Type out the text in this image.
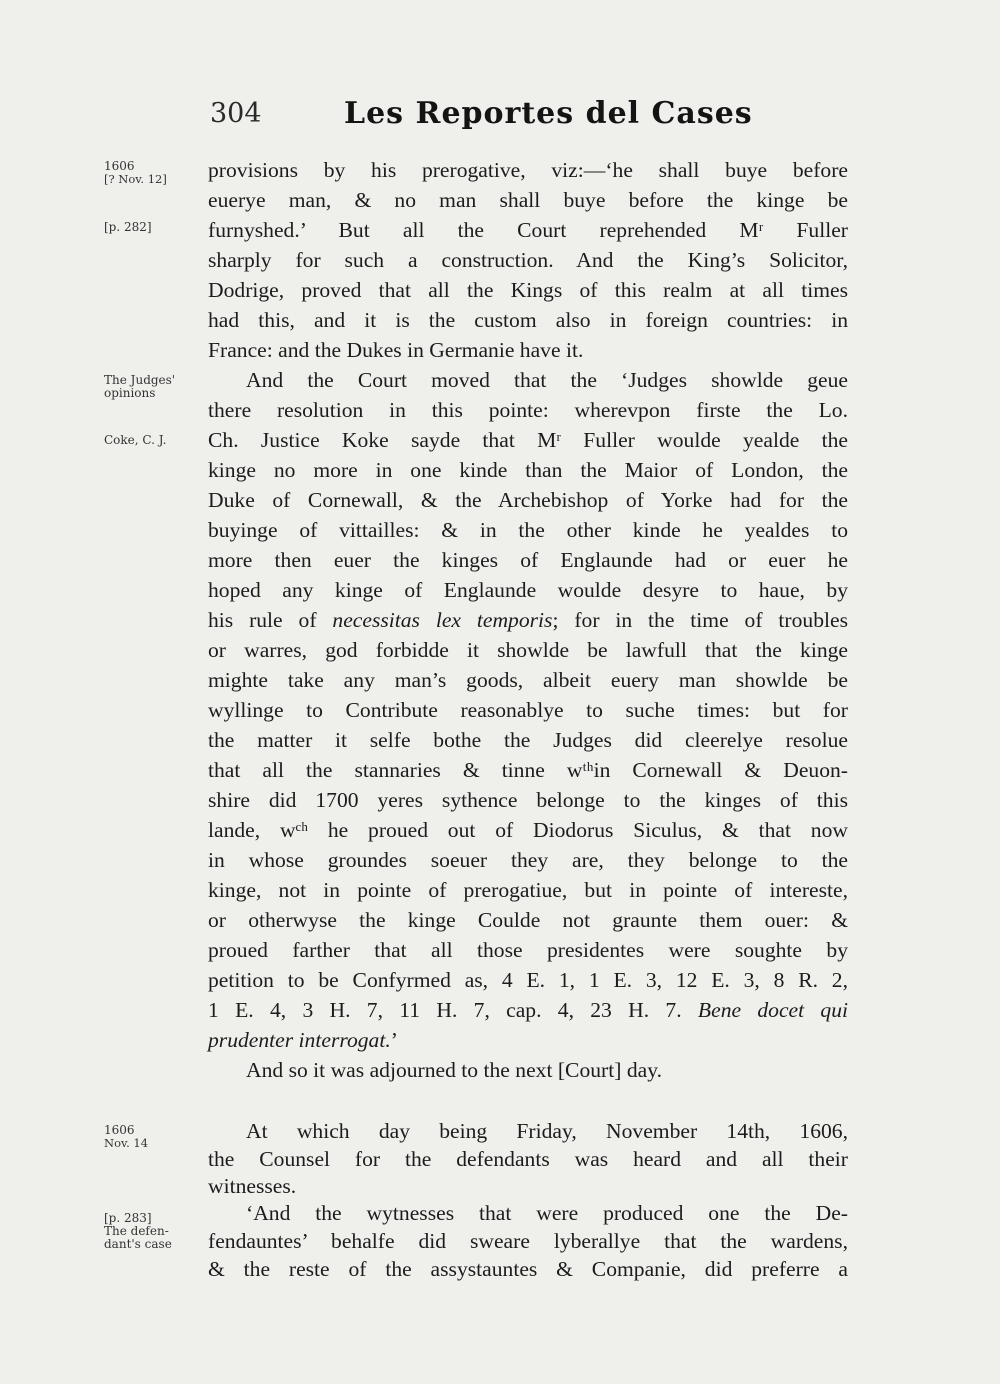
304	Les Reportes del Cases
1606
[? Nov. 12]
[p. 282]
The Judges'
opinions
Coke, C. J.
1606
Nov. 14
[p. 283]
The defen-
dant's case
provisions by his prerogative, viz:—‘he shall buye before
euerye man, & no man shall buye before the kinge be
furnyshed.’ But all the Court reprehended Mʳ Fuller
sharply for such a construction. And the King’s Solicitor,
Dodrige, proved that all the Kings of this realm at all times
had this, and it is the custom also in foreign countries: in
France: and the Dukes in Germanie have it.
And the Court moved that the ‘Judges showlde geue
there resolution in this pointe: wherevpon firste the Lo.
Ch. Justice Koke sayde that Mʳ Fuller woulde yealde the
kinge no more in one kinde than the Maior of London, the
Duke of Cornewall, & the Archebishop of Yorke had for the
buyinge of vittailles: & in the other kinde he yealdes to
more then euer the kinges of Englaunde had or euer he
hoped any kinge of Englaunde woulde desyre to haue, by
his rule of necessitas lex temporis; for in the time of troubles
or warres, god forbidde it showlde be lawfull that the kinge
mighte take any man’s goods, albeit euery man showlde be
wyllinge to Contribute reasonablye to suche times: but for
the matter it selfe bothe the Judges did cleerelye resolue
that all the stannaries & tinne wᵗʰin Cornewall & Deuon-
shire did 1700 yeres sythence belonge to the kinges of this
lande, wᶜʰ he proued out of Diodorus Siculus, & that now
in whose groundes soeuer they are, they belonge to the
kinge, not in pointe of prerogatiue, but in pointe of intereste,
or otherwyse the kinge Coulde not graunte them ouer: &
proued farther that all those presidentes were soughte by
petition to be Confyrmed as, 4 E. 1, 1 E. 3, 12 E. 3, 8 R. 2,
1 E. 4, 3 H. 7, 11 H. 7, cap. 4, 23 H. 7. Bene docet qui
prudenter interrogat.’
And so it was adjourned to the next [Court] day.
At which day being Friday, November 14th, 1606,
the Counsel for the defendants was heard and all their
witnesses.
‘And the wytnesses that were produced one the De-
fendauntes’ behalfe did sweare lyberallye that the wardens,
& the reste of the assystauntes & Companie, did preferre a
